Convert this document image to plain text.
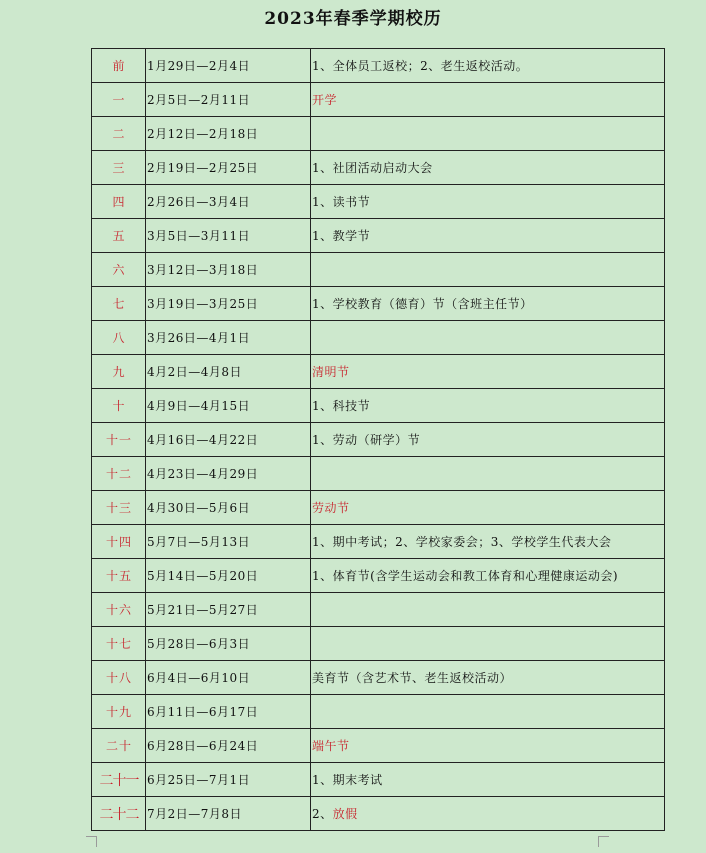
2023年春季学期校历
前	1月29日—2月4日	1、全体员工返校；2、老生返校活动。
一	2月5日—2月11日	开学
二	2月12日—2月18日	
三	2月19日—2月25日	1、社团活动启动大会
四	2月26日—3月4日	1、读书节
五	3月5日—3月11日	1、教学节
六	3月12日—3月18日	
七	3月19日—3月25日	1、学校教育（德育）节（含班主任节）
八	3月26日—4月1日	
九	4月2日—4月8日	清明节
十	4月9日—4月15日	1、科技节
十一	4月16日—4月22日	1、劳动（研学）节
十二	4月23日—4月29日	
十三	4月30日—5月6日	劳动节
十四	5月7日—5月13日	1、期中考试；2、学校家委会；3、学校学生代表大会
十五	5月14日—5月20日	1、体育节(含学生运动会和教工体育和心理健康运动会)
十六	5月21日—5月27日	
十七	5月28日—6月3日	
十八	6月4日—6月10日	美育节（含艺术节、老生返校活动）
十九	6月11日—6月17日	
二十	6月28日—6月24日	端午节
二十一	6月25日—7月1日	1、期末考试
二十二	7月2日—7月8日	2、放假
